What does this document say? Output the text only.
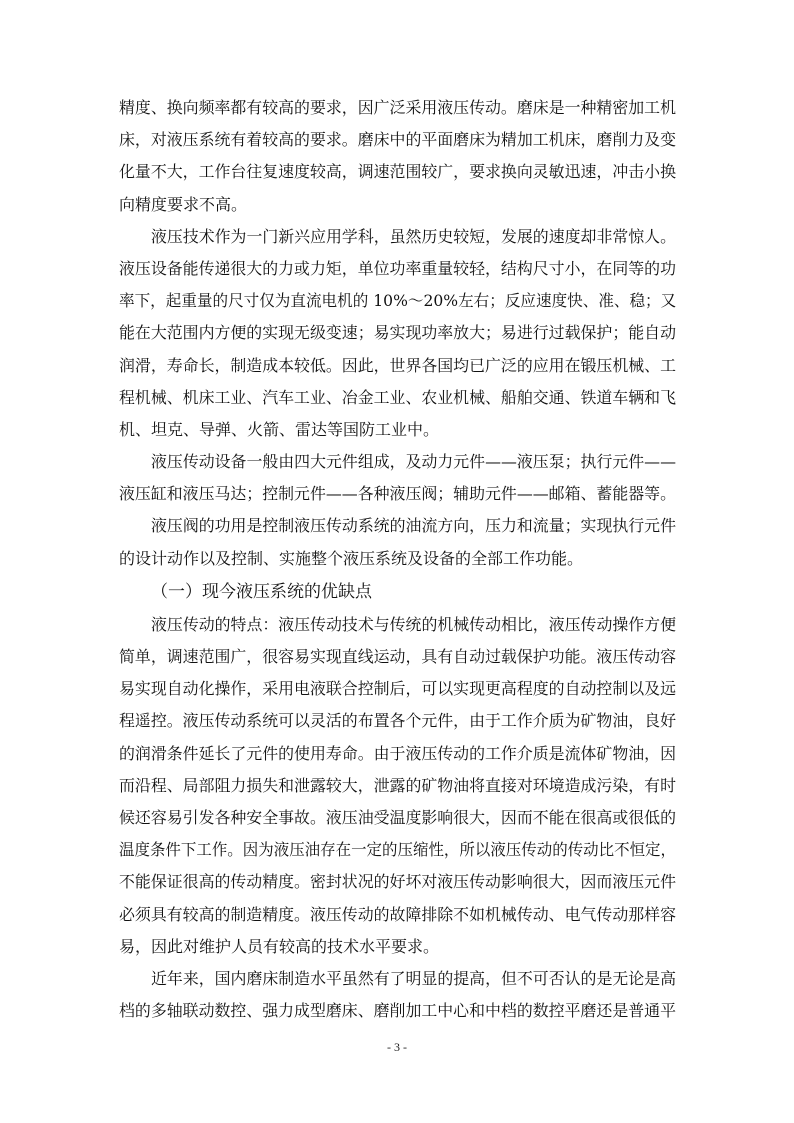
精度、换向频率都有较高的要求，因广泛采用液压传动。磨床是一种精密加工机
床，对液压系统有着较高的要求。磨床中的平面磨床为精加工机床，磨削力及变
化量不大，工作台往复速度较高，调速范围较广，要求换向灵敏迅速，冲击小换
向精度要求不高。
液压技术作为一门新兴应用学科，虽然历史较短，发展的速度却非常惊人。
液压设备能传递很大的力或力矩，单位功率重量较轻，结构尺寸小，在同等的功
率下，起重量的尺寸仅为直流电机的 10%～20%左右；反应速度快、准、稳；又
能在大范围内方便的实现无级变速；易实现功率放大；易进行过载保护；能自动
润滑，寿命长，制造成本较低。因此，世界各国均已广泛的应用在锻压机械、工
程机械、机床工业、汽车工业、冶金工业、农业机械、船舶交通、铁道车辆和飞
机、坦克、导弹、火箭、雷达等国防工业中。
液压传动设备一般由四大元件组成，及动力元件——液压泵；执行元件——
液压缸和液压马达；控制元件——各种液压阀；辅助元件——邮箱、蓄能器等。
液压阀的功用是控制液压传动系统的油流方向，压力和流量；实现执行元件
的设计动作以及控制、实施整个液压系统及设备的全部工作功能。
（一）现今液压系统的优缺点
液压传动的特点：液压传动技术与传统的机械传动相比，液压传动操作方便
简单，调速范围广，很容易实现直线运动，具有自动过载保护功能。液压传动容
易实现自动化操作，采用电液联合控制后，可以实现更高程度的自动控制以及远
程遥控。液压传动系统可以灵活的布置各个元件，由于工作介质为矿物油，良好
的润滑条件延长了元件的使用寿命。由于液压传动的工作介质是流体矿物油，因
而沿程、局部阻力损失和泄露较大，泄露的矿物油将直接对环境造成污染，有时
候还容易引发各种安全事故。液压油受温度影响很大，因而不能在很高或很低的
温度条件下工作。因为液压油存在一定的压缩性，所以液压传动的传动比不恒定，
不能保证很高的传动精度。密封状况的好坏对液压传动影响很大，因而液压元件
必须具有较高的制造精度。液压传动的故障排除不如机械传动、电气传动那样容
易，因此对维护人员有较高的技术水平要求。
近年来，国内磨床制造水平虽然有了明显的提高，但不可否认的是无论是高
档的多轴联动数控、强力成型磨床、磨削加工中心和中档的数控平磨还是普通平
- 3 -
